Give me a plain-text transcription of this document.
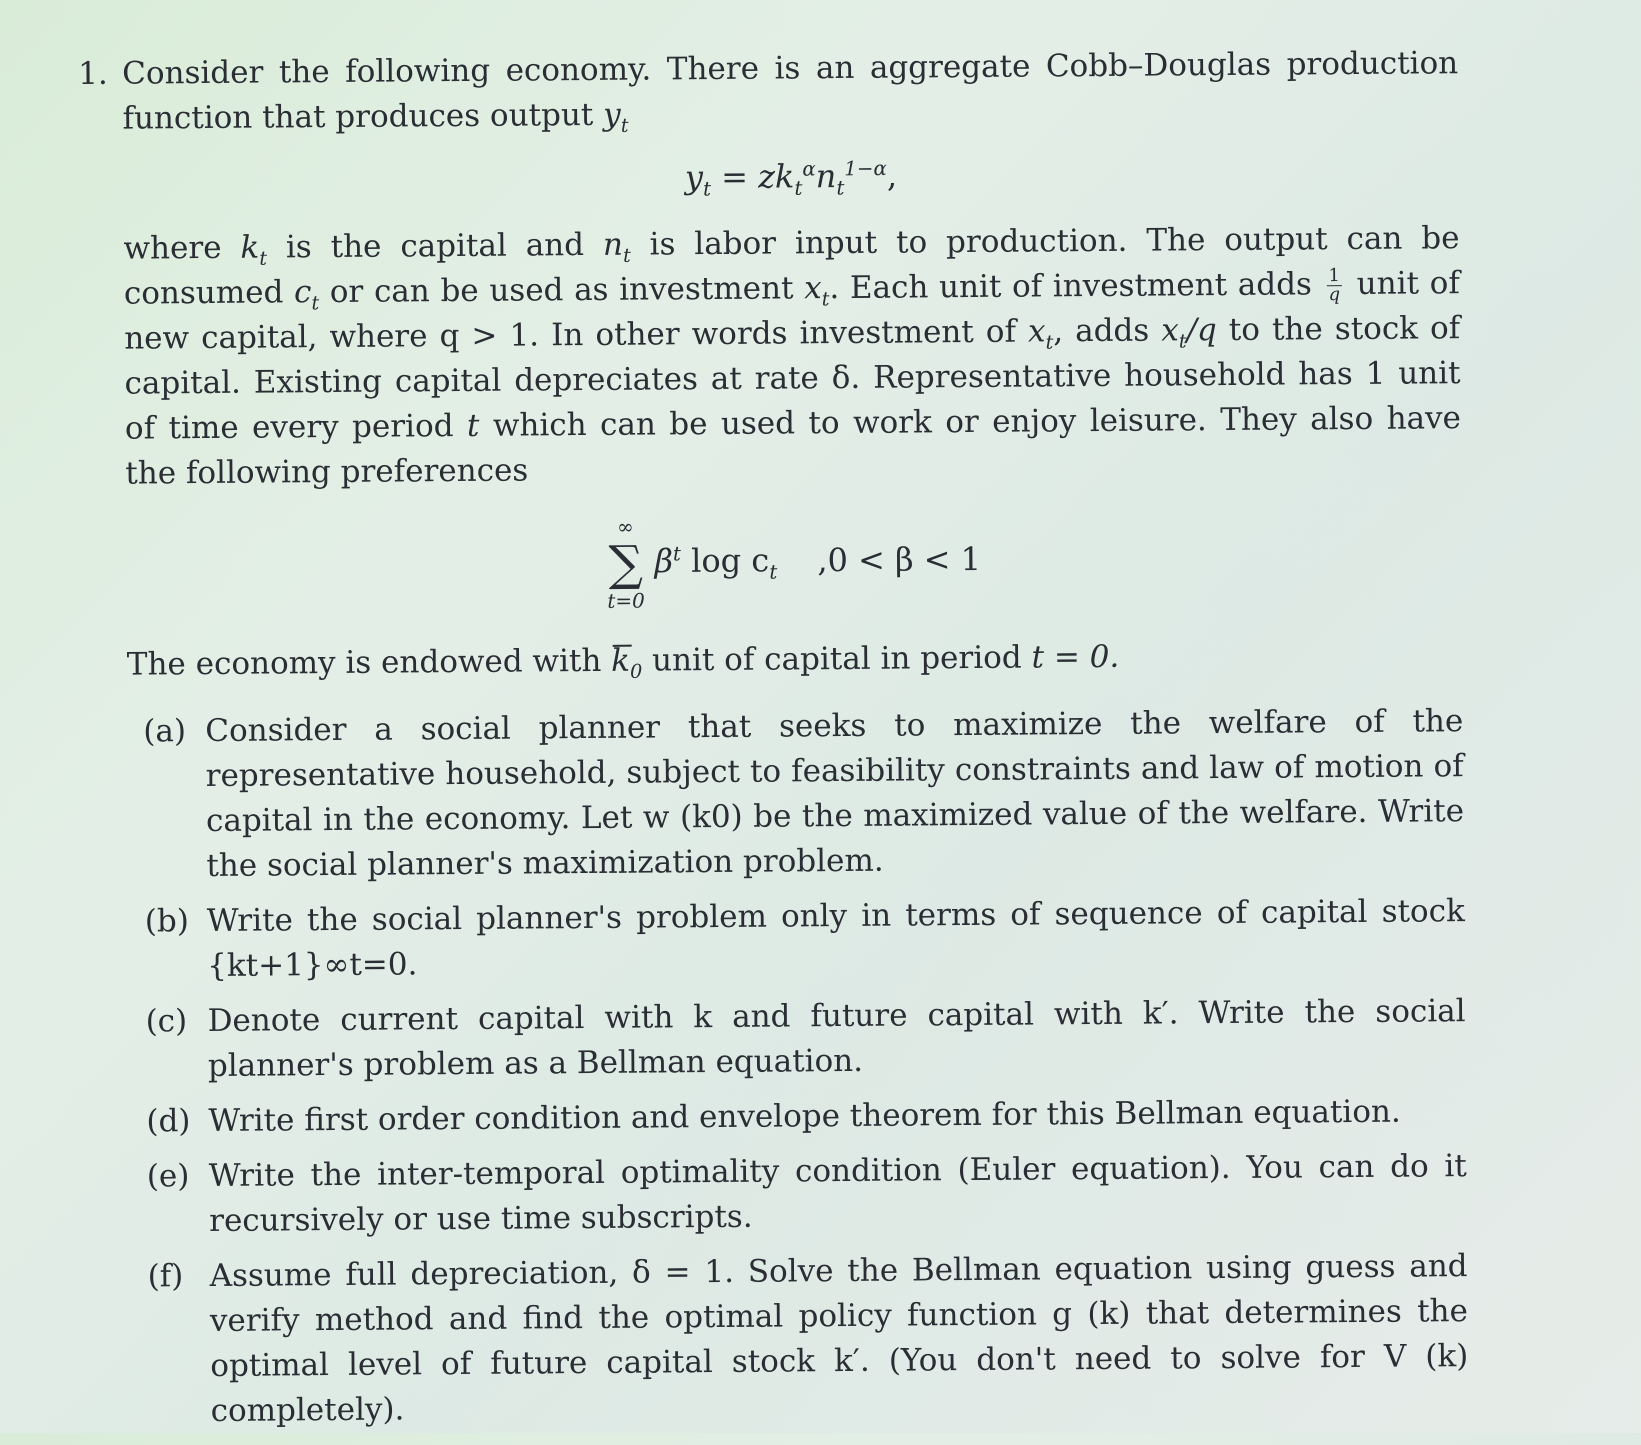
1. Consider the following economy. There is an aggregate Cobb–Douglas production function that produces output $y_t$

$y_t = zk_t^\alpha n_t^{1-\alpha}$,

where $k_t$ is the capital and $n_t$ is labor input to production. The output can be consumed $c_t$ or can be used as investment $x_t$. Each unit of investment adds $\frac{1}{q}$ unit of new capital, where q > 1. In other words investment of $x_t$, adds $x_t/q$ to the stock of capital. Existing capital depreciates at rate δ. Representative household has 1 unit of time every period t which can be used to work or enjoy leisure. They also have the following preferences

∞
∑
t=0
$\beta^t$ $\log c_t$ ,0 < β < 1

The economy is endowed with $k_0$ unit of capital in period t = 0.

(a) Consider a social planner that seeks to maximize the welfare of the representative household, subject to feasibility constraints and law of motion of capital in the economy. Let w (k0) be the maximized value of the welfare. Write the social planner's maximization problem.
(b) Write the social planner's problem only in terms of sequence of capital stock {kt+1}∞t=0.
(c) Denote current capital with k and future capital with k′. Write the social planner's problem as a Bellman equation.
(d) Write first order condition and envelope theorem for this Bellman equation.
(e) Write the inter-temporal optimality condition (Euler equation). You can do it recursively or use time subscripts.
(f) Assume full depreciation, δ = 1. Solve the Bellman equation using guess and verify method and find the optimal policy function g (k) that determines the optimal level of future capital stock k′. (You don't need to solve for V (k) completely).
